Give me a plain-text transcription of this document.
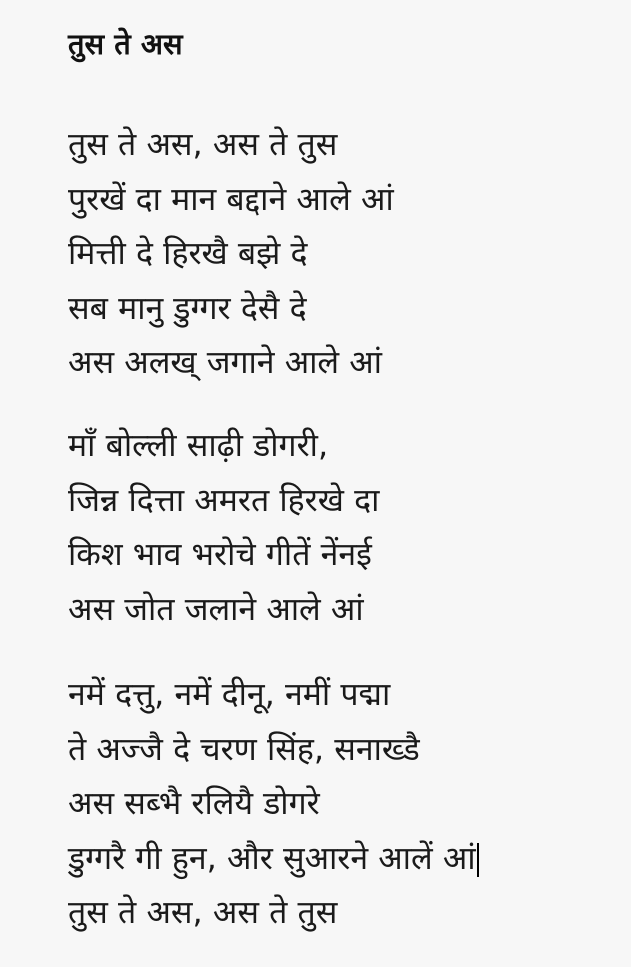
तुस ते अस
तुस ते अस, अस ते तुस
पुरखें दा मान बद्दाने आले आं
मित्ती दे हिरखै बझे दे
सब मानु डुग्गर देसै दे
अस अलख् जगाने आले आं
माँ बोल्ली साढ़ी डोगरी,
जिन्न दित्ता अमरत हिरखे दा
किश भाव भरोचे गीतें नेंनई
अस जोत जलाने आले आं
नमें दत्तु, नमें दीनू, नमीं पद्मा
ते अज्जै दे चरण सिंह, सनाख्डै
अस सब्भै रलियै डोगरे
डुग्गरै गी हुन, और सुआरने आलें आं
तुस ते अस, अस ते तुस
